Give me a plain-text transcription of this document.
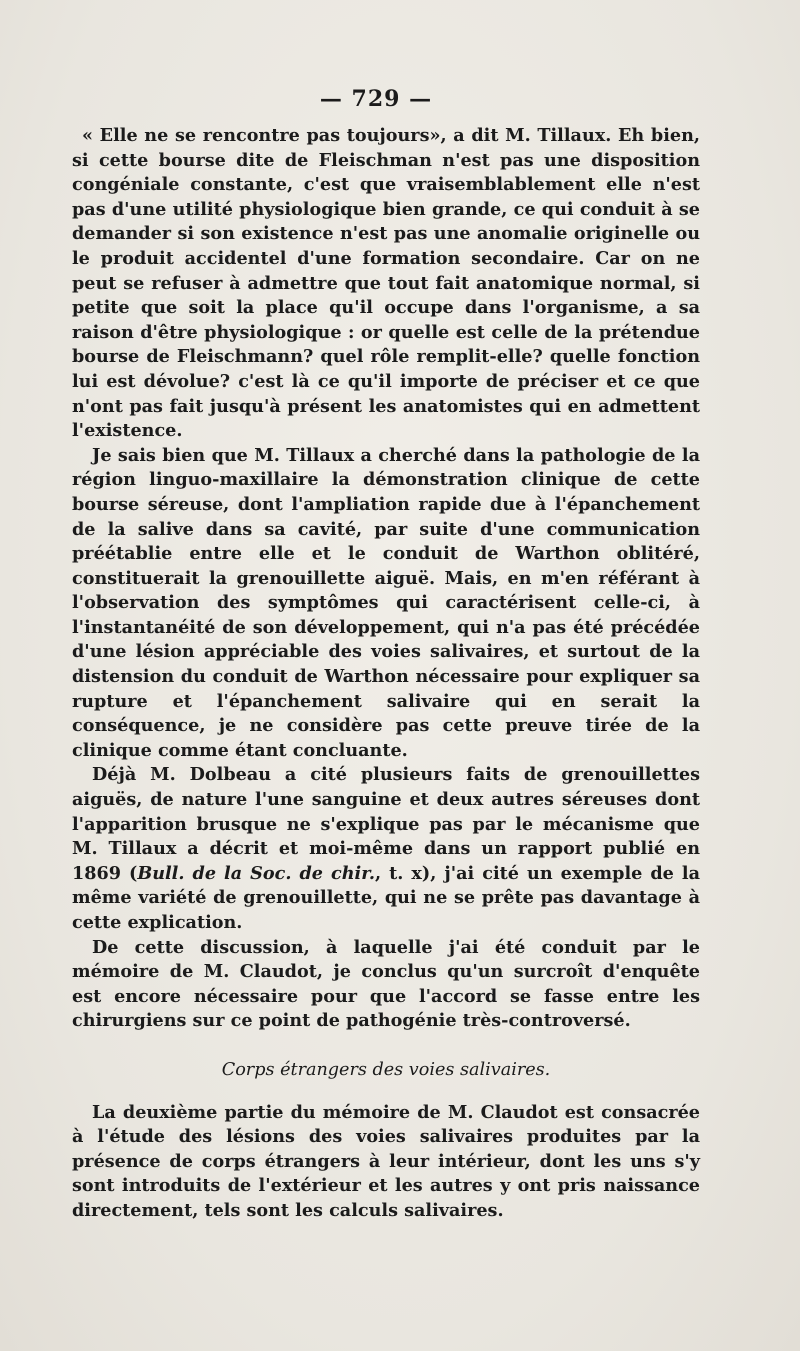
— 729 —

« Elle ne se rencontre pas toujours», a dit M. Tillaux. Eh bien, si cette bourse dite de Fleischman n'est pas une disposition congéniale constante, c'est que vraisemblablement elle n'est pas d'une utilité physiologique bien grande, ce qui conduit à se demander si son existence n'est pas une anomalie originelle ou le produit accidentel d'une formation secondaire. Car on ne peut se refuser à admettre que tout fait anatomique normal, si petite que soit la place qu'il occupe dans l'organisme, a sa raison d'être physiologique : or quelle est celle de la prétendue bourse de Fleischmann? quel rôle remplit-elle? quelle fonction lui est dévolue? c'est là ce qu'il importe de préciser et ce que n'ont pas fait jusqu'à présent les anatomistes qui en admettent l'existence.

Je sais bien que M. Tillaux a cherché dans la pathologie de la région linguo-maxillaire la démonstration clinique de cette bourse séreuse, dont l'ampliation rapide due à l'épanchement de la salive dans sa cavité, par suite d'une communication préétablie entre elle et le conduit de Warthon oblitéré, constituerait la grenouillette aiguë. Mais, en m'en référant à l'observation des symptômes qui caractérisent celle-ci, à l'instantanéité de son développement, qui n'a pas été précédée d'une lésion appréciable des voies salivaires, et surtout de la distension du conduit de Warthon nécessaire pour expliquer sa rupture et l'épanchement salivaire qui en serait la conséquence, je ne considère pas cette preuve tirée de la clinique comme étant concluante.

Déjà M. Dolbeau a cité plusieurs faits de grenouillettes aiguës, de nature l'une sanguine et deux autres séreuses dont l'apparition brusque ne s'explique pas par le mécanisme que M. Tillaux a décrit et moi-même dans un rapport publié en 1869 (Bull. de la Soc. de chir., t. x), j'ai cité un exemple de la même variété de grenouillette, qui ne se prête pas davantage à cette explication.

De cette discussion, à laquelle j'ai été conduit par le mémoire de M. Claudot, je conclus qu'un surcroît d'enquête est encore nécessaire pour que l'accord se fasse entre les chirurgiens sur ce point de pathogénie très-controversé.

Corps étrangers des voies salivaires.

La deuxième partie du mémoire de M. Claudot est consacrée à l'étude des lésions des voies salivaires produites par la présence de corps étrangers à leur intérieur, dont les uns s'y sont introduits de l'extérieur et les autres y ont pris naissance directement, tels sont les calculs salivaires.
